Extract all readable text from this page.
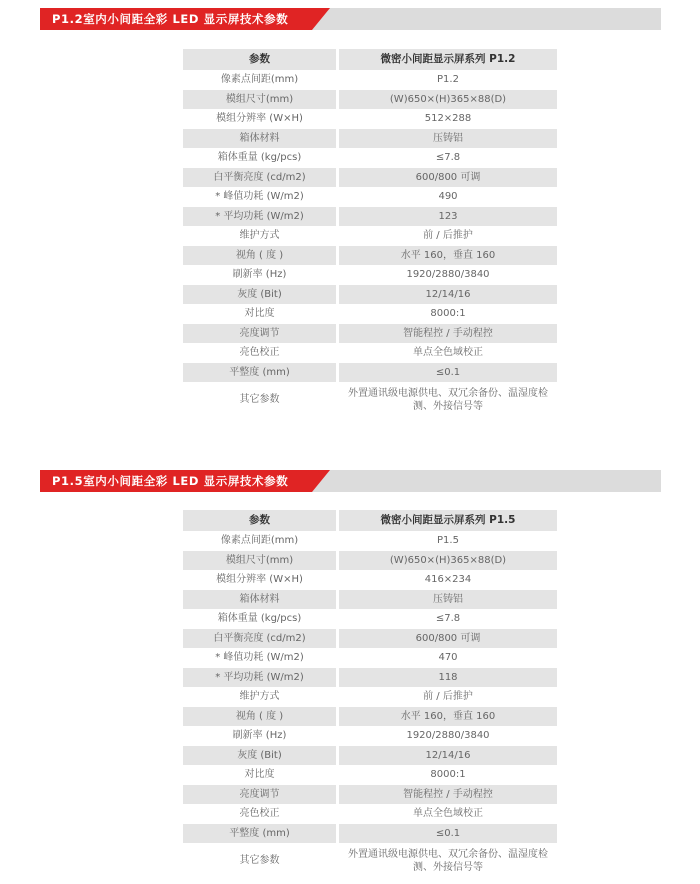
P1.2室内小间距全彩 LED 显示屏技术参数
参数	微密小间距显示屏系列 P1.2
像素点间距(mm)	P1.2
模组尺寸(mm)	(W)650×(H)365×88(D)
模组分辨率 (W×H)	512×288
箱体材料	压铸铝
箱体重量 (kg/pcs)	≤7.8
白平衡亮度 (cd/m2)	600/800 可调
* 峰值功耗 (W/m2)	490
* 平均功耗 (W/m2)	123
维护方式	前 / 后推护
视角 ( 度 )	水平 160，垂直 160
刷新率 (Hz)	1920/2880/3840
灰度 (Bit)	12/14/16
对比度	8000:1
亮度调节	智能程控 / 手动程控
亮色校正	单点全色域校正
平整度 (mm)	≤0.1
其它参数	外置通讯级电源供电、双冗余备份、温湿度检测、外接信号等
P1.5室内小间距全彩 LED 显示屏技术参数
参数	微密小间距显示屏系列 P1.5
像素点间距(mm)	P1.5
模组尺寸(mm)	(W)650×(H)365×88(D)
模组分辨率 (W×H)	416×234
箱体材料	压铸铝
箱体重量 (kg/pcs)	≤7.8
白平衡亮度 (cd/m2)	600/800 可调
* 峰值功耗 (W/m2)	470
* 平均功耗 (W/m2)	118
维护方式	前 / 后推护
视角 ( 度 )	水平 160，垂直 160
刷新率 (Hz)	1920/2880/3840
灰度 (Bit)	12/14/16
对比度	8000:1
亮度调节	智能程控 / 手动程控
亮色校正	单点全色域校正
平整度 (mm)	≤0.1
其它参数	外置通讯级电源供电、双冗余备份、温湿度检测、外接信号等
